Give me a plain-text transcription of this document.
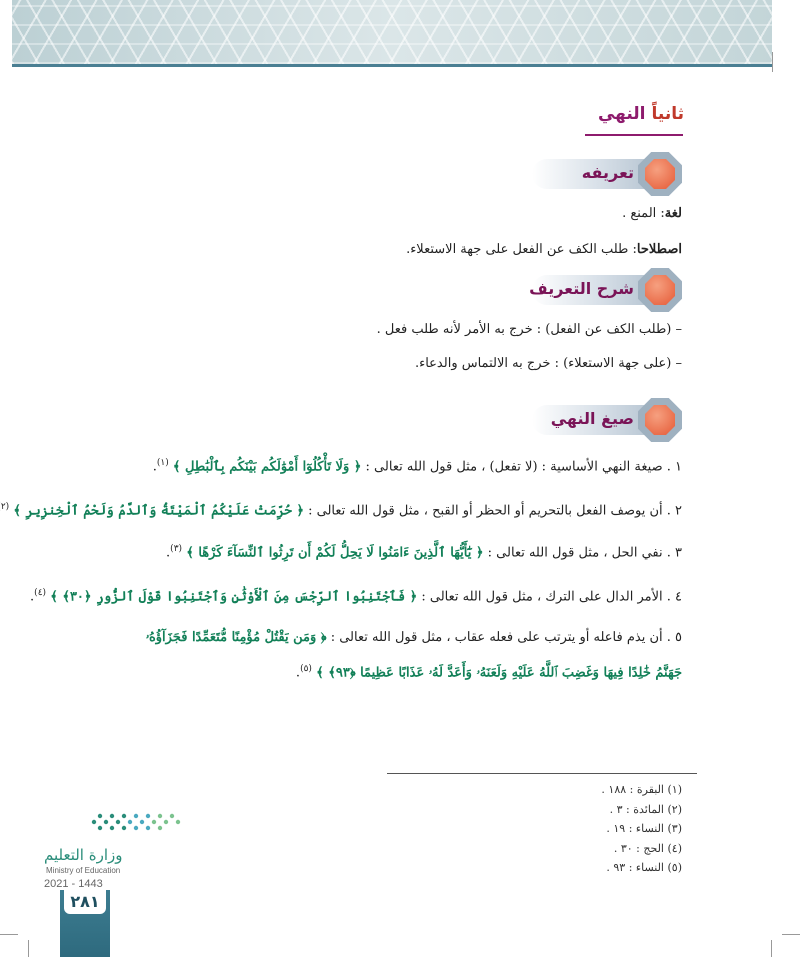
النهي ثانياً
تعريفه
لغة: المنع .
اصطلاحا: طلب الكف عن الفعل على جهة الاستعلاء.
شرح التعريف
– (طلب الكف عن الفعل) : خرج به الأمر لأنه طلب فعل .
– (على جهة الاستعلاء) : خرج به الالتماس والدعاء.
صيغ النهي
١ . صيغة النهي الأساسية : (لا تفعل) ، مثل قول الله تعالى : ﴿ وَلَا تَأْكُلُوٓا أَمْوَٰلَكُم بَيْنَكُم بِٱلْبَٰطِلِ ﴾ $^{(١)}$.
٢ . أن يوصف الفعل بالتحريم أو الحظر أو القبح ، مثل قول الله تعالى : ﴿ حُرِّمَتْ عَلَيْكُمُ ٱلْمَيْتَةُ وَٱلدَّمُ وَلَحْمُ ٱلْخِنزِيرِ ﴾ $^{(٢}$
٣ . نفي الحل ، مثل قول الله تعالى : ﴿ يَٰٓأَيُّهَا ٱلَّذِينَ ءَامَنُوا لَا يَحِلُّ لَكُمْ أَن تَرِثُوا ٱلنِّسَآءَ كَرْهًا ﴾ $^{(٣)}$.
٤ . الأمر الدال على الترك ، مثل قول الله تعالى : ﴿ فَٱجْتَنِبُوا ٱلرِّجْسَ مِنَ ٱلْأَوْثَٰنِ وَٱجْتَنِبُوا قَوْلَ ٱلزُّورِ ﴿٣٠﴾ ﴾ $^{(٤)}$.
٥ . أن يذم فاعله أو يترتب على فعله عقاب ، مثل قول الله تعالى : ﴿ وَمَن يَقْتُلْ مُؤْمِنًا مُّتَعَمِّدًا فَجَزَآؤُهُۥ
جَهَنَّمُ خَٰلِدًا فِيهَا وَغَضِبَ ٱللَّهُ عَلَيْهِ وَلَعَنَهُۥ وَأَعَدَّ لَهُۥ عَذَابًا عَظِيمًا ﴿٩٣﴾ ﴾ $^{(٥)}$.
(١) البقرة : ١٨٨ .
(٢) المائدة : ٣ .
(٣) النساء : ١٩ .
(٤) الحج : ٣٠ .
(٥) النساء : ٩٣ .
وزارة التعليم
Ministry of Education
2021 - 1443
٢٨١
